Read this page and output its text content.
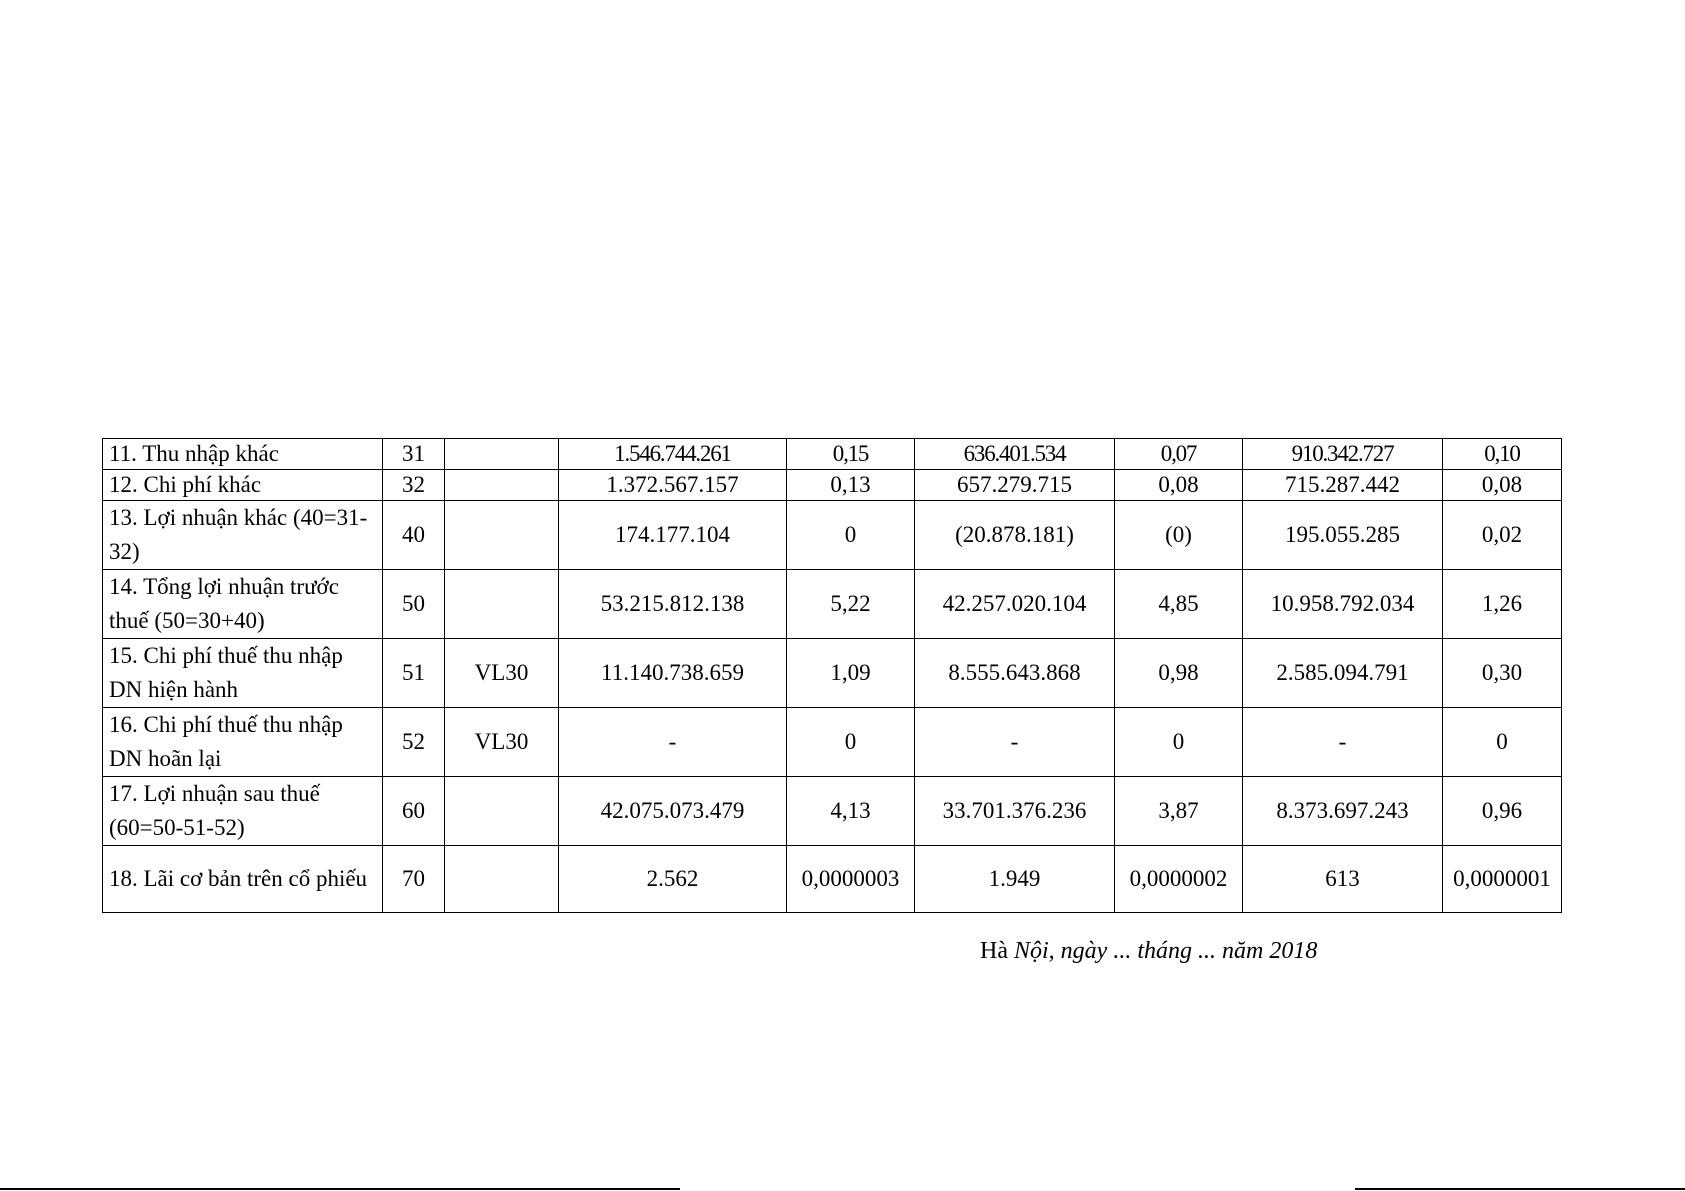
11. Thu nhập khác	31		1.546.744.261	0,15	636.401.534	0,07	910.342.727	0,10
12. Chi phí khác	32		1.372.567.157	0,13	657.279.715	0,08	715.287.442	0,08
13. Lợi nhuận khác (40=31-32)	40		174.177.104	0	(20.878.181)	(0)	195.055.285	0,02
14. Tổng lợi nhuận trước thuế (50=30+40)	50		53.215.812.138	5,22	42.257.020.104	4,85	10.958.792.034	1,26
15. Chi phí thuế thu nhập DN hiện hành	51	VL30	11.140.738.659	1,09	8.555.643.868	0,98	2.585.094.791	0,30
16. Chi phí thuế thu nhập DN hoãn lại	52	VL30	-	0	-	0	-	0
17. Lợi nhuận sau thuế (60=50-51-52)	60		42.075.073.479	4,13	33.701.376.236	3,87	8.373.697.243	0,96
18. Lãi cơ bản trên cổ phiếu	70		2.562	0,0000003	1.949	0,0000002	613	0,0000001
Hà Nội, ngày ... tháng ... năm 2018
